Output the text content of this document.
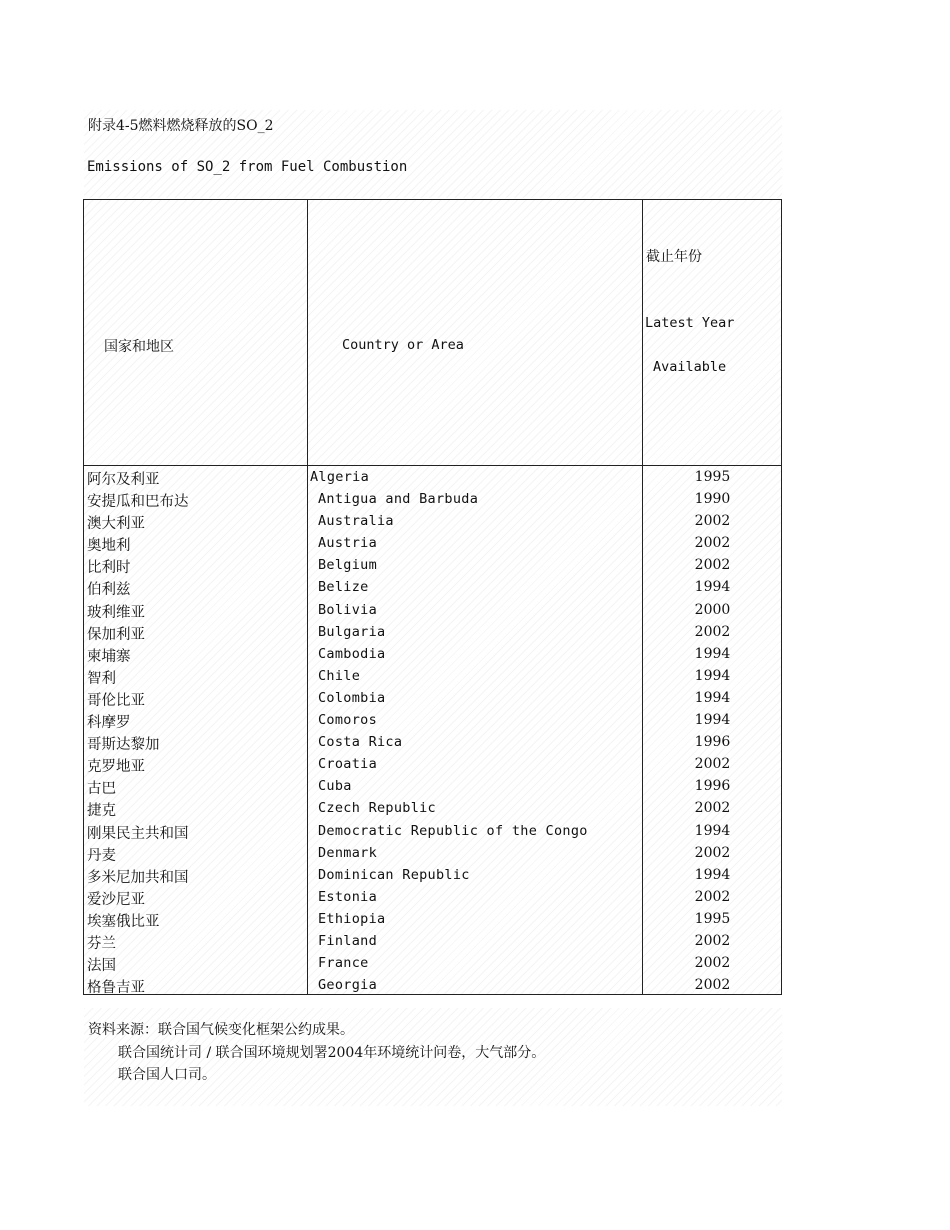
附录4-5燃料燃烧释放的SO_2
Emissions of SO_2 from Fuel Combustion
国家和地区	Country or Area
截止年份
Latest Year
Available
阿尔及利亚	Algeria	1995
安提瓜和巴布达	Antigua and Barbuda	1990
澳大利亚	Australia	2002
奥地利	Austria	2002
比利时	Belgium	2002
伯利兹	Belize	1994
玻利维亚	Bolivia	2000
保加利亚	Bulgaria	2002
柬埔寨	Cambodia	1994
智利	Chile	1994
哥伦比亚	Colombia	1994
科摩罗	Comoros	1994
哥斯达黎加	Costa Rica	1996
克罗地亚	Croatia	2002
古巴	Cuba	1996
捷克	Czech Republic	2002
刚果民主共和国	Democratic Republic of the Congo	1994
丹麦	Denmark	2002
多米尼加共和国	Dominican Republic	1994
爱沙尼亚	Estonia	2002
埃塞俄比亚	Ethiopia	1995
芬兰	Finland	2002
法国	France	2002
格鲁吉亚	Georgia	2002
资料来源：联合国气候变化框架公约成果。
联合国统计司 / 联合国环境规划署2004年环境统计问卷，大气部分。
联合国人口司。
